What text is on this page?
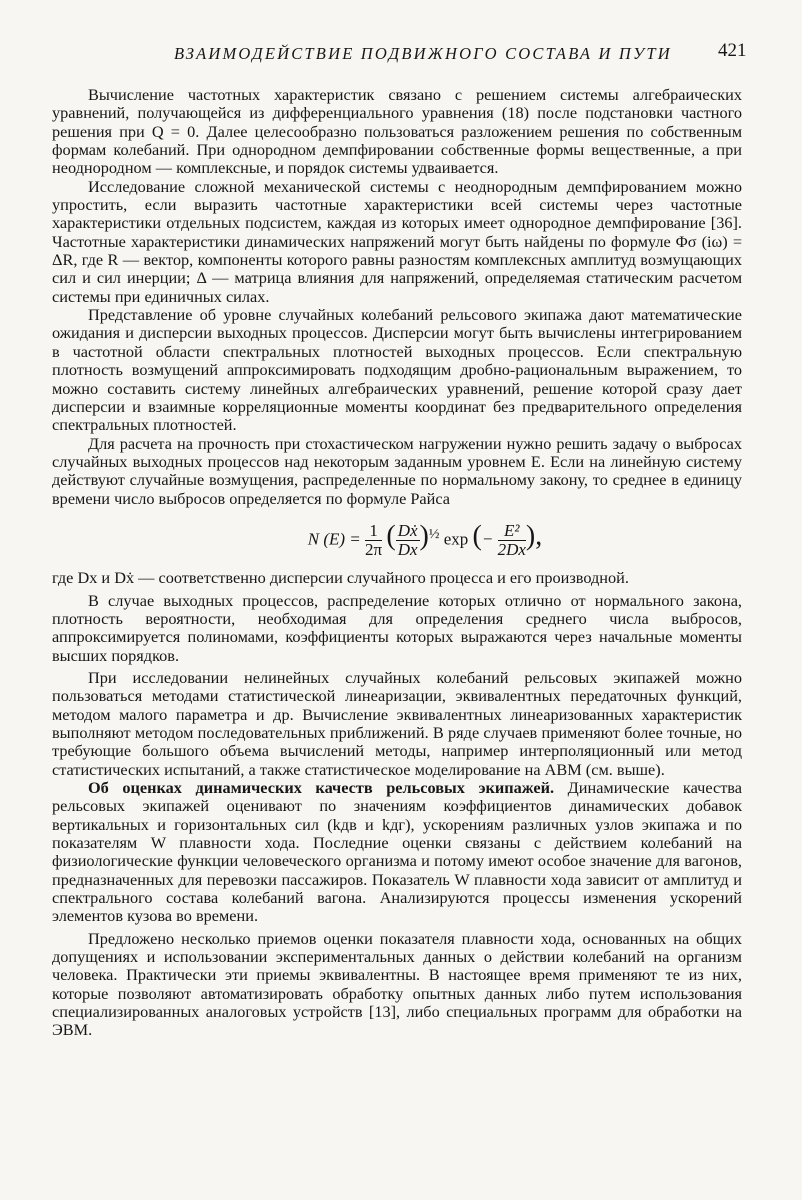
ВЗАИМОДЕЙСТВИЕ ПОДВИЖНОГО СОСТАВА И ПУТИ 421

Вычисление частотных характеристик связано с решением системы алгебраических уравнений, получающейся из дифференциального уравнения (18) после подстановки частного решения при Q = 0. Далее целесообразно пользоваться разложением решения по собственным формам колебаний. При однородном демпфировании собственные формы вещественные, а при неоднородном — комплексные, и порядок системы удваивается.

Исследование сложной механической системы с неоднородным демпфированием можно упростить, если выразить частотные характеристики всей системы через частотные характеристики отдельных подсистем, каждая из которых имеет однородное демпфирование [36]. Частотные характеристики динамических напряжений могут быть найдены по формуле Φσ (iω) = ΔR, где R — вектор, компоненты которого равны разностям комплексных амплитуд возмущающих сил и сил инерции; Δ — матрица влияния для напряжений, определяемая статическим расчетом системы при единичных силах.

Представление об уровне случайных колебаний рельсового экипажа дают математические ожидания и дисперсии выходных процессов. Дисперсии могут быть вычислены интегрированием в частотной области спектральных плотностей выходных процессов. Если спектральную плотность возмущений аппроксимировать подходящим дробно-рациональным выражением, то можно составить систему линейных алгебраических уравнений, решение которой сразу дает дисперсии и взаимные корреляционные моменты координат без предварительного определения спектральных плотностей.

Для расчета на прочность при стохастическом нагружении нужно решить задачу о выбросах случайных выходных процессов над некоторым заданным уровнем E. Если на линейную систему действуют случайные возмущения, распределенные по нормальному закону, то среднее в единицу времени число выбросов определяется по формуле Райса

N $(E) = \frac{1}{2\pi}$ ( $\frac{\text{Dẋ}}{Dx} )^{\frac{1}{2}}$ exp (− $\frac{\text{E²}}{2Dx}$ ),

где Dx и Dẋ — соответственно дисперсии случайного процесса и его производной.

В случае выходных процессов, распределение которых отлично от нормального закона, плотность вероятности, необходимая для определения среднего числа выбросов, аппроксимируется полиномами, коэффициенты которых выражаются через начальные моменты высших порядков.

При исследовании нелинейных случайных колебаний рельсовых экипажей можно пользоваться методами статистической линеаризации, эквивалентных передаточных функций, методом малого параметра и др. Вычисление эквивалентных линеаризованных характеристик выполняют методом последовательных приближений. В ряде случаев применяют более точные, но требующие большого объема вычислений методы, например интерполяционный или метод статистических испытаний, а также статистическое моделирование на АВМ (см. выше).

Об оценках динамических качеств рельсовых экипажей. Динамические качества рельсовых экипажей оценивают по значениям коэффициентов динамических добавок вертикальных и горизонтальных сил (kдв и kдг), ускорениям различных узлов экипажа и по показателям W плавности хода. Последние оценки связаны с действием колебаний на физиологические функции человеческого организма и потому имеют особое значение для вагонов, предназначенных для перевозки пассажиров. Показатель W плавности хода зависит от амплитуд и спектрального состава колебаний вагона. Анализируются процессы изменения ускорений элементов кузова во времени.

Предложено несколько приемов оценки показателя плавности хода, основанных на общих допущениях и использовании экспериментальных данных о действии колебаний на организм человека. Практически эти приемы эквивалентны. В настоящее время применяют те из них, которые позволяют автоматизировать обработку опытных данных либо путем использования специализированных аналоговых устройств [13], либо специальных программ для обработки на ЭВМ.
